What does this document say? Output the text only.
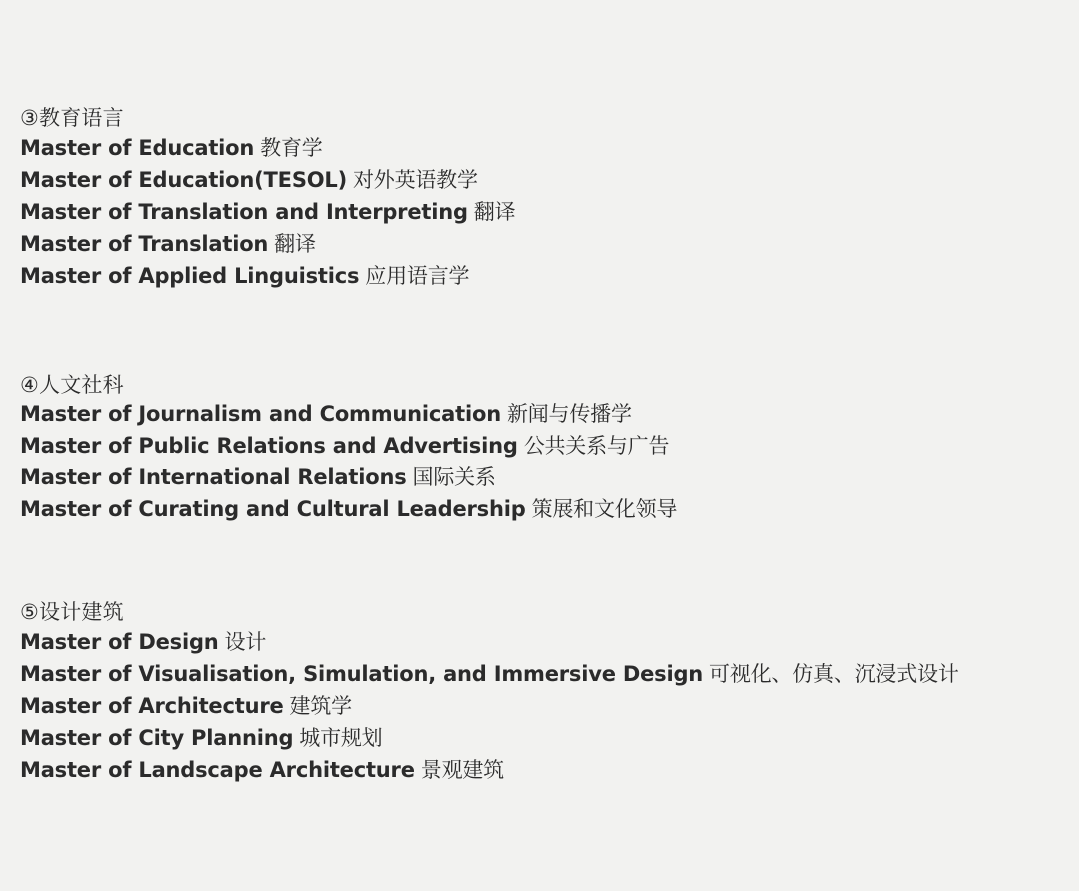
③教育语言
Master of Education 教育学
Master of Education(TESOL) 对外英语教学
Master of Translation and Interpreting 翻译
Master of Translation 翻译
Master of Applied Linguistics 应用语言学
④人文社科
Master of Journalism and Communication 新闻与传播学
Master of Public Relations and Advertising 公共关系与广告
Master of International Relations 国际关系
Master of Curating and Cultural Leadership 策展和文化领导
⑤设计建筑
Master of Design 设计
Master of Visualisation, Simulation, and Immersive Design 可视化、仿真、沉浸式设计
Master of Architecture 建筑学
Master of City Planning 城市规划
Master of Landscape Architecture 景观建筑
